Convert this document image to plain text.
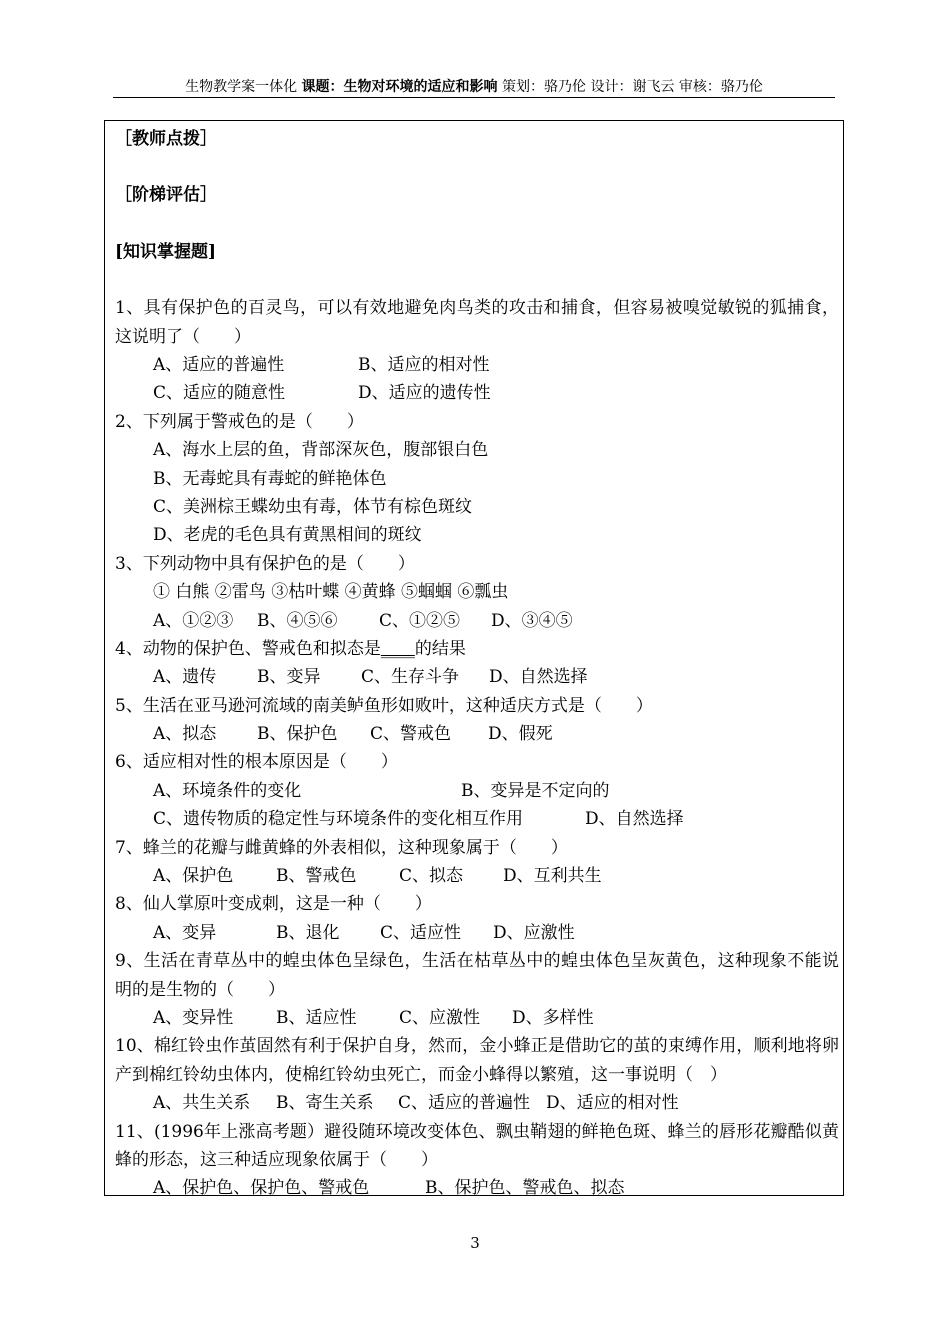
生物教学案一体化 课题：生物对环境的适应和影响 策划：骆乃伦 设计：谢飞云 审核：骆乃伦
［教师点拨］
［阶梯评估］
[知识掌握题]
1、具有保护色的百灵鸟，可以有效地避免肉鸟类的攻击和捕食，但容易被嗅觉敏锐的狐捕食，这说明了（　　）
A、适应的普遍性	B、适应的相对性
C、适应的随意性	D、适应的遗传性
2、下列属于警戒色的是（　　）
A、海水上层的鱼，背部深灰色，腹部银白色
B、无毒蛇具有毒蛇的鲜艳体色
C、美洲棕王蝶幼虫有毒，体节有棕色斑纹
D、老虎的毛色具有黄黑相间的斑纹
3、下列动物中具有保护色的是（　　）
① 白熊 ②雷鸟 ③枯叶蝶 ④黄蜂 ⑤蝈蝈 ⑥瓢虫
A、①②③ B、④⑤⑥ C、①②⑤ D、③④⑤
4、动物的保护色、警戒色和拟态是____的结果
A、遗传 B、变异 C、生存斗争 D、自然选择
5、生活在亚马逊河流域的南美鲈鱼形如败叶，这种适庆方式是（　　）
A、拟态 B、保护色 C、警戒色 D、假死
6、适应相对性的根本原因是（　　）
A、环境条件的变化	B、变异是不定向的
C、遗传物质的稳定性与环境条件的变化相互作用	D、自然选择
7、蜂兰的花瓣与雌黄蜂的外表相似，这种现象属于（　　）
A、保护色	B、警戒色	C、拟态 D、互利共生
8、仙人掌原叶变成刺，这是一种（　　）
A、变异	B、退化 C、适应性 D、应激性
9、生活在青草丛中的蝗虫体色呈绿色，生活在枯草丛中的蝗虫体色呈灰黄色，这种现象不能说明的是生物的（　　）
A、变异性	B、适应性	C、应激性 D、多样性
10、棉红铃虫作茧固然有利于保护自身，然而，金小蜂正是借助它的茧的束缚作用，顺利地将卵产到棉红铃幼虫体内，使棉红铃幼虫死亡，而金小蜂得以繁殖，这一事说明（　）
A、共生关系 B、寄生关系 C、适应的普遍性 D、适应的相对性
11、(1996年上涨高考题）避役随环境改变体色、飘虫鞘翅的鲜艳色斑、蜂兰的唇形花瓣酷似黄蜂的形态，这三种适应现象依属于（　　）
A、保护色、保护色、警戒色	B、保护色、警戒色、拟态
3
